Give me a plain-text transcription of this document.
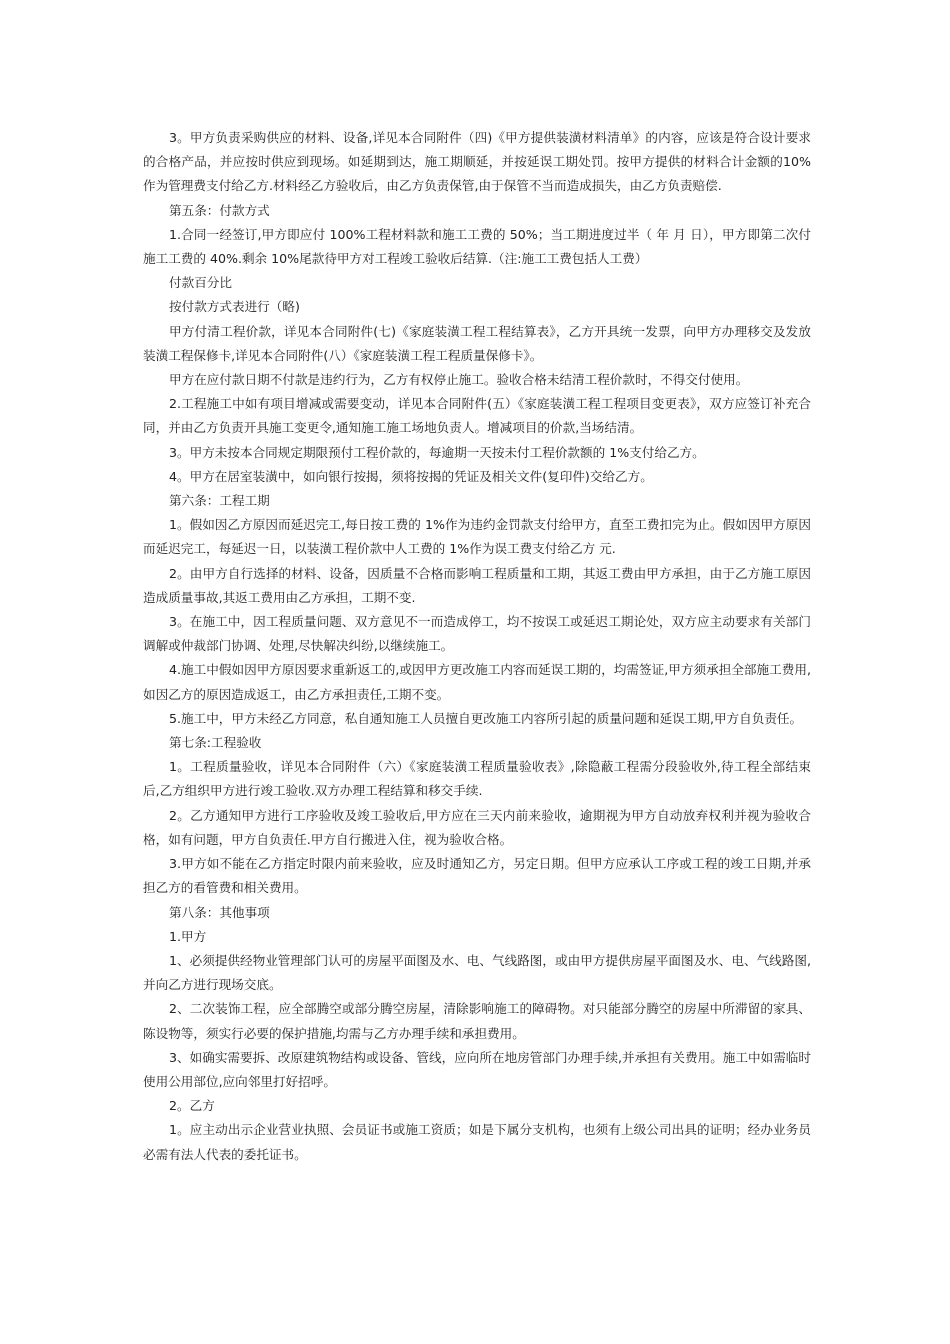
3。甲方负责采购供应的材料、设备,详见本合同附件（四)《甲方提供装潢材料清单》的内容，应该是符合设计要求的合格产品，并应按时供应到现场。如延期到达，施工期顺延，并按延误工期处罚。按甲方提供的材料合计金额的10%作为管理费支付给乙方.材料经乙方验收后，由乙方负责保管,由于保管不当而造成损失，由乙方负责赔偿.

第五条：付款方式

1.合同一经签订,甲方即应付 100%工程材料款和施工工费的 50%；当工期进度过半（ 年 月 日），甲方即第二次付施工工费的 40%.剩余 10%尾款待甲方对工程竣工验收后结算.（注:施工工费包括人工费）

付款百分比

按付款方式表进行（略)

甲方付清工程价款，详见本合同附件(七)《家庭装潢工程工程结算表》，乙方开具统一发票，向甲方办理移交及发放装潢工程保修卡,详见本合同附件(八）《家庭装潢工程工程质量保修卡》。

甲方在应付款日期不付款是违约行为，乙方有权停止施工。验收合格未结清工程价款时，不得交付使用。

2.工程施工中如有项目增减或需要变动，详见本合同附件(五）《家庭装潢工程工程项目变更表》，双方应签订补充合同，并由乙方负责开具施工变更令,通知施工施工场地负责人。增减项目的价款,当场结清。

3。甲方未按本合同规定期限预付工程价款的，每逾期一天按未付工程价款额的 1%支付给乙方。

4。甲方在居室装潢中，如向银行按揭，须将按揭的凭证及相关文件(复印件)交给乙方。

第六条：工程工期

1。假如因乙方原因而延迟完工,每日按工费的 1%作为违约金罚款支付给甲方，直至工费扣完为止。假如因甲方原因而延迟完工，每延迟一日，以装潢工程价款中人工费的 1%作为误工费支付给乙方 元.

2。由甲方自行选择的材料、设备，因质量不合格而影响工程质量和工期，其返工费由甲方承担，由于乙方施工原因造成质量事故,其返工费用由乙方承担，工期不变.

3。在施工中，因工程质量问题、双方意见不一而造成停工，均不按误工或延迟工期论处，双方应主动要求有关部门调解或仲裁部门协调、处理,尽快解决纠纷,以继续施工。

4.施工中假如因甲方原因要求重新返工的,或因甲方更改施工内容而延误工期的，均需签证,甲方须承担全部施工费用,如因乙方的原因造成返工，由乙方承担责任,工期不变。

5.施工中，甲方未经乙方同意，私自通知施工人员擅自更改施工内容所引起的质量问题和延误工期,甲方自负责任。

第七条:工程验收

1。工程质量验收，详见本合同附件（六）《家庭装潢工程质量验收表》,除隐蔽工程需分段验收外,待工程全部结束后,乙方组织甲方进行竣工验收.双方办理工程结算和移交手续.

2。乙方通知甲方进行工序验收及竣工验收后,甲方应在三天内前来验收，逾期视为甲方自动放弃权利并视为验收合格，如有问题，甲方自负责任.甲方自行搬进入住，视为验收合格。

3.甲方如不能在乙方指定时限内前来验收，应及时通知乙方，另定日期。但甲方应承认工序或工程的竣工日期,并承担乙方的看管费和相关费用。

第八条：其他事项

1.甲方

1、必须提供经物业管理部门认可的房屋平面图及水、电、气线路图，或由甲方提供房屋平面图及水、电、气线路图,并向乙方进行现场交底。

2、二次装饰工程，应全部腾空或部分腾空房屋，清除影响施工的障碍物。对只能部分腾空的房屋中所滞留的家具、陈设物等，须实行必要的保护措施,均需与乙方办理手续和承担费用。

3、如确实需要拆、改原建筑物结构或设备、管线，应向所在地房管部门办理手续,并承担有关费用。施工中如需临时使用公用部位,应向邻里打好招呼。

2。乙方

1。应主动出示企业营业执照、会员证书或施工资质；如是下属分支机构，也须有上级公司出具的证明；经办业务员必需有法人代表的委托证书。
